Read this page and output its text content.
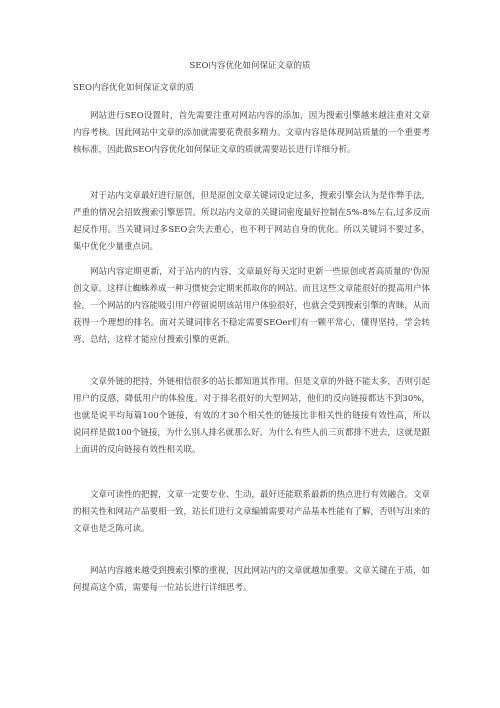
SEO内容优化如何保证文章的质
SEO内容优化如何保证文章的质

网站进行SEO设置时，首先需要注重对网站内容的添加，因为搜索引擎越来越注重对文章内容考核。因此网站中文章的添加就需要花费很多精力。文章内容是体现网站质量的一个重要考核标准，因此做SEO内容优化如何保证文章的质就需要站长进行详细分析。

对于站内文章最好进行原创，但是原创文章关键词设定过多，搜索引擎会认为是作弊手法，严重的情况会招致搜索引擎惩罚。所以站内文章的关键词密度最好控制在5%-8%左右,过多反而起反作用。当关键词过多SEO会失去重心，也不利于网站自身的优化。所以关键词不要过多，集中优化少量重点词。

网站内容定期更新，对于站内的内容，文章最好每天定时更新一些原创或者高质量的'伪原创文章。这样让蜘蛛养成一种习惯使会定期来抓取你的网站。而且这些文章能很好的提高用户体验，一个网站的内容能吸引用户停留说明该站用户体验很好，也就会受到搜索引擎的青睐，从而获得一个理想的排名。面对关键词排名不稳定需要SEOer们有一颗平常心，懂得坚持，学会转弯、总结，这样才能应付搜索引擎的更新。

文章外链的把持，外链相信很多的站长都知道其作用。但是文章的外链不能太多，否则引起用户的反感，降低用户的体验度。对于排名很好的大型网站，他们的反向链接都达不到30%，也就是说平均每篇100个链接，有效的才30个相关性的链接比非相关性的链接有效性高，所以说同样是做100个链接，为什么别人排名就那么好，为什么有些人前三页都排不进去，这就是跟上面讲的反向链接有效性相关联。

文章可读性的把握，文章一定要专业、生动，最好还能联系最新的热点进行有效融合。文章的相关性和网站产品要相一致，站长们进行文章编辑需要对产品基本性能有了解，否则写出来的文章也是乏陈可读。

网站内容越来越受到搜索引擎的重视，因此网站内的文章就越加重要。文章关键在于质，如何提高这个质，需要每一位站长进行详细思考。
